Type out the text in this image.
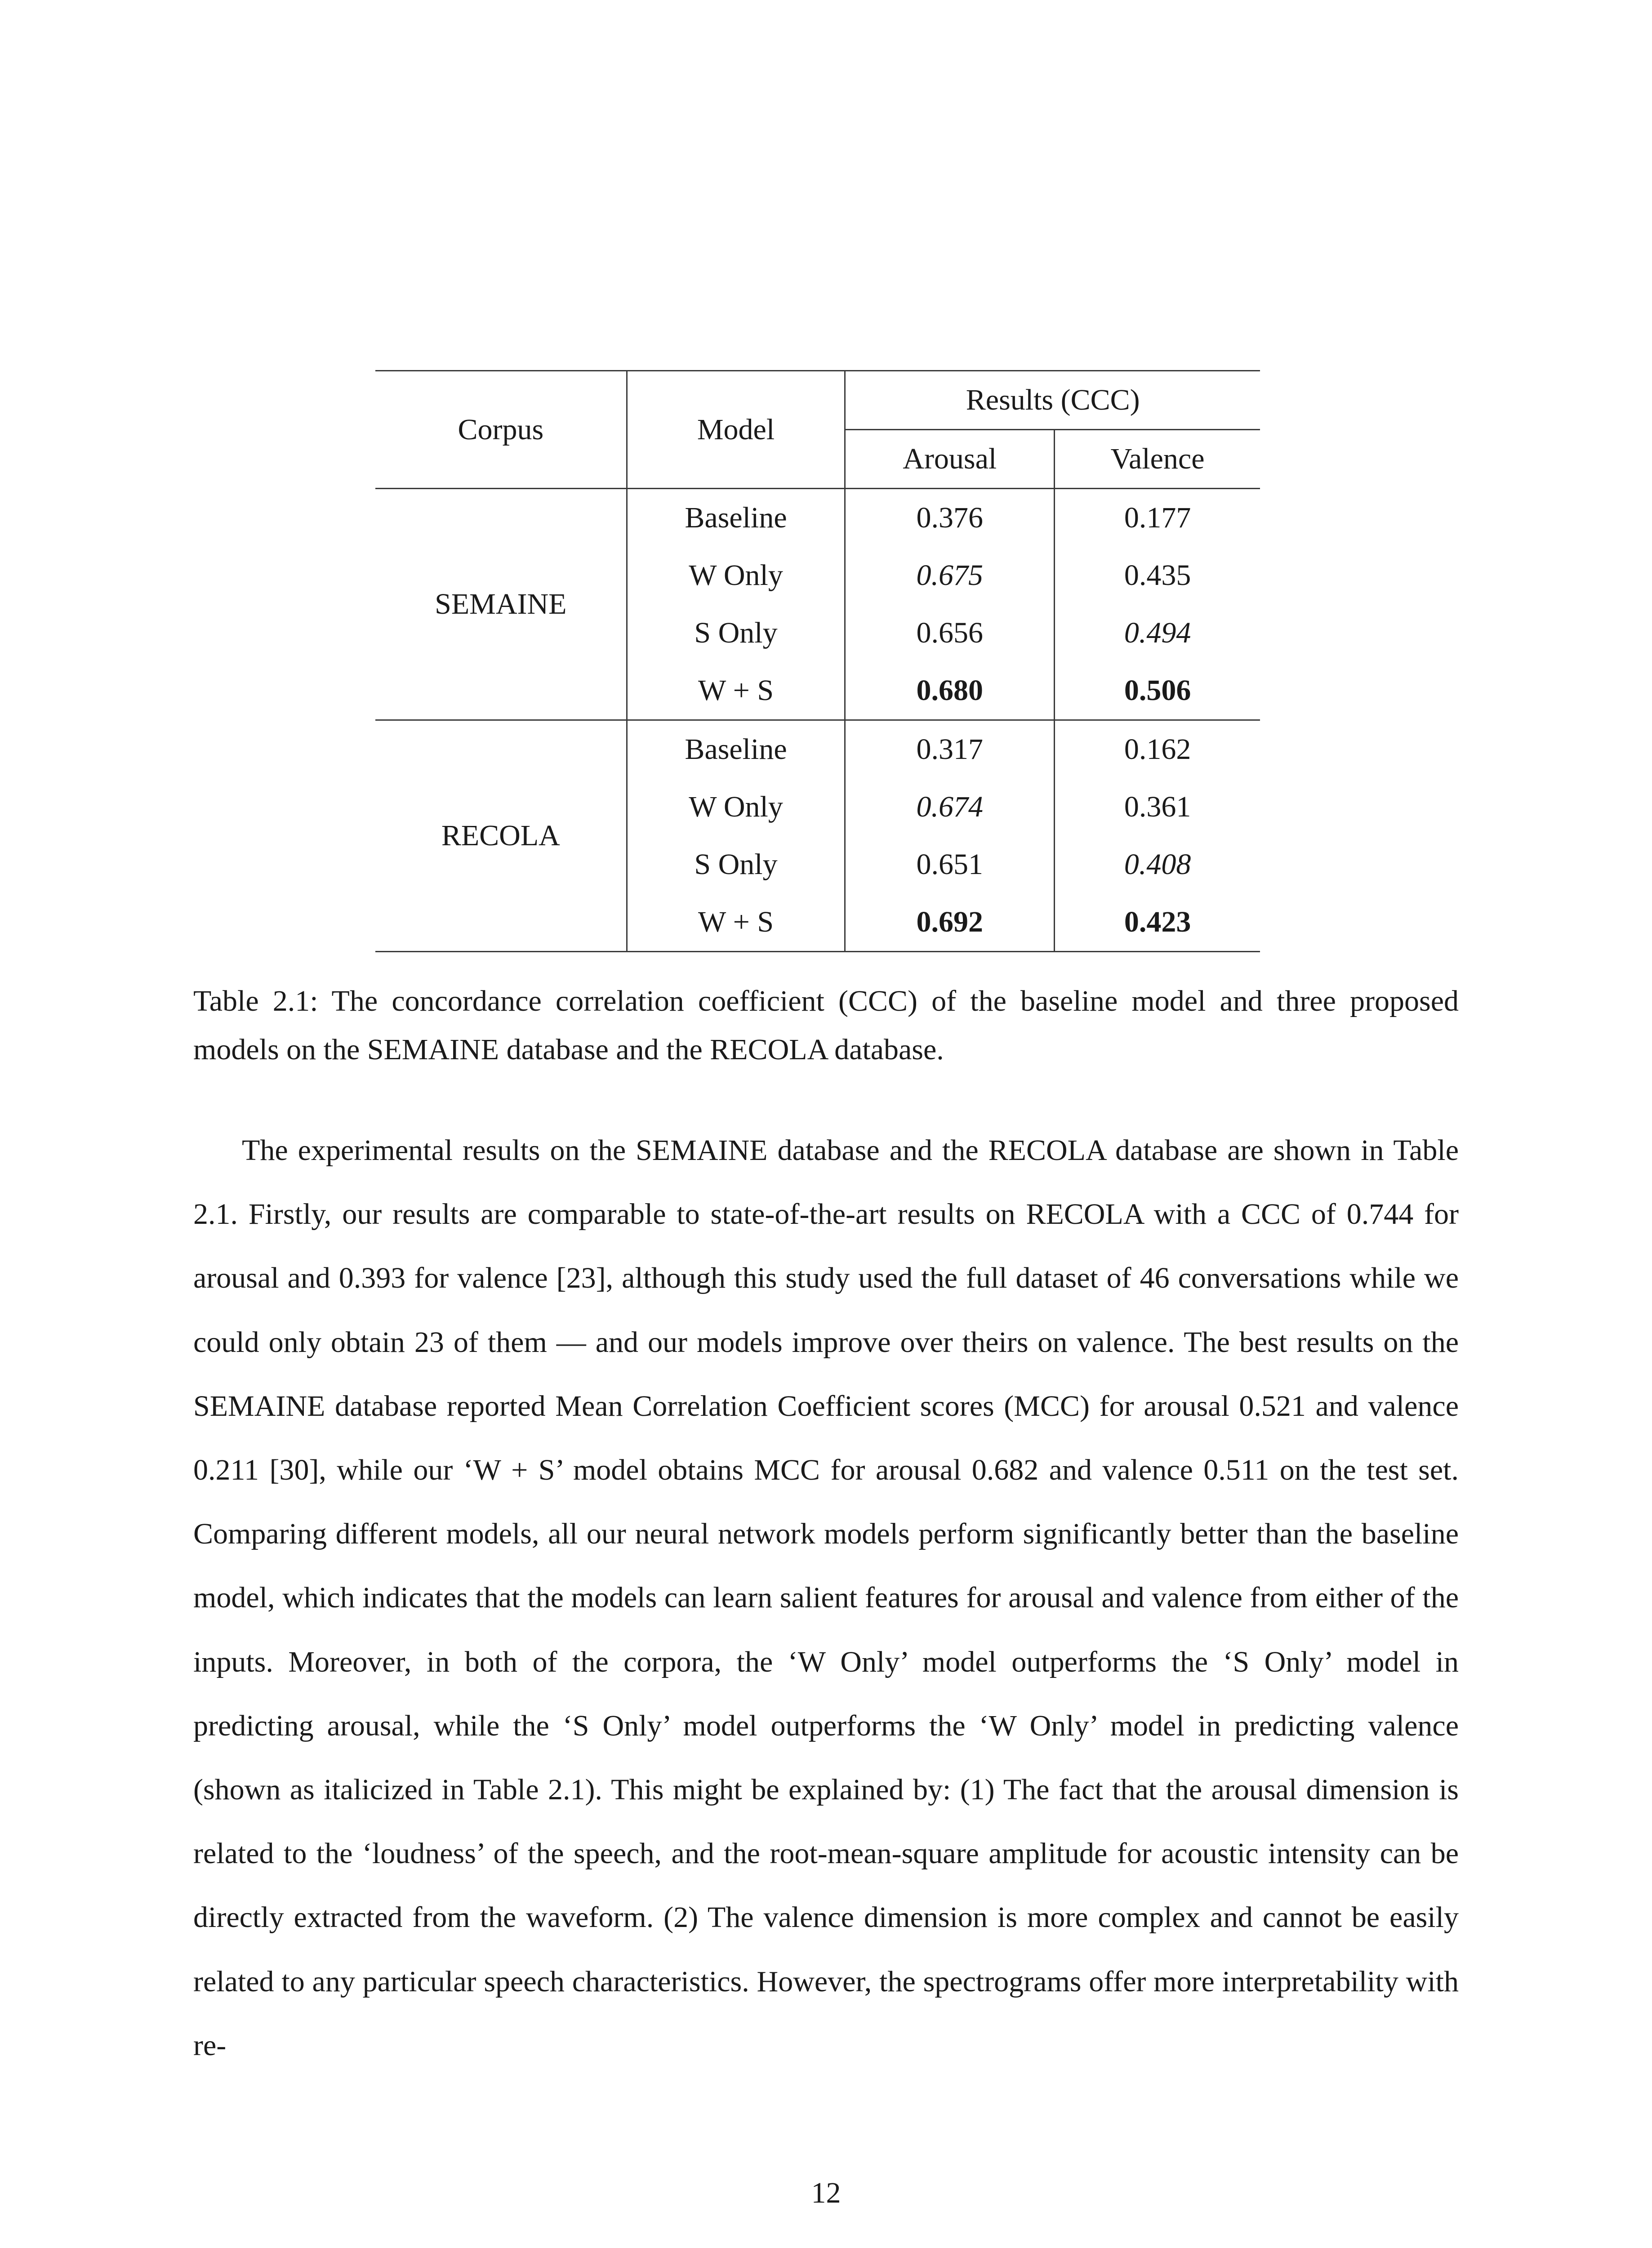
Corpus	Model	Results (CCC)	
		Arousal	Valence
SEMAINE	Baseline	0.376	0.177
	W Only	0.675	0.435
	S Only	0.656	0.494
	W + S	0.680	0.506
RECOLA	Baseline	0.317	0.162
	W Only	0.674	0.361
	S Only	0.651	0.408
	W + S	0.692	0.423
Table 2.1: The concordance correlation coefficient (CCC) of the baseline model and three proposed models on the SEMAINE database and the RECOLA database.

The experimental results on the SEMAINE database and the RECOLA database are shown in Table 2.1. Firstly, our results are comparable to state-of-the-art results on RECOLA with a CCC of 0.744 for arousal and 0.393 for valence [23], although this study used the full dataset of 46 conversations while we could only obtain 23 of them — and our models improve over theirs on valence. The best results on the SEMAINE database reported Mean Correlation Coefficient scores (MCC) for arousal 0.521 and valence 0.211 [30], while our ‘W + S’ model obtains MCC for arousal 0.682 and valence 0.511 on the test set. Comparing different models, all our neural network models perform significantly better than the baseline model, which indicates that the models can learn salient features for arousal and valence from either of the inputs. Moreover, in both of the corpora, the ‘W Only’ model outperforms the ‘S Only’ model in predicting arousal, while the ‘S Only’ model outperforms the ‘W Only’ model in predicting valence (shown as italicized in Table 2.1). This might be explained by: (1) The fact that the arousal dimension is related to the ‘loudness’ of the speech, and the root-mean-square amplitude for acoustic intensity can be directly extracted from the waveform. (2) The valence dimension is more complex and cannot be easily related to any particular speech characteristics. However, the spectrograms offer more interpretability with re-

12
